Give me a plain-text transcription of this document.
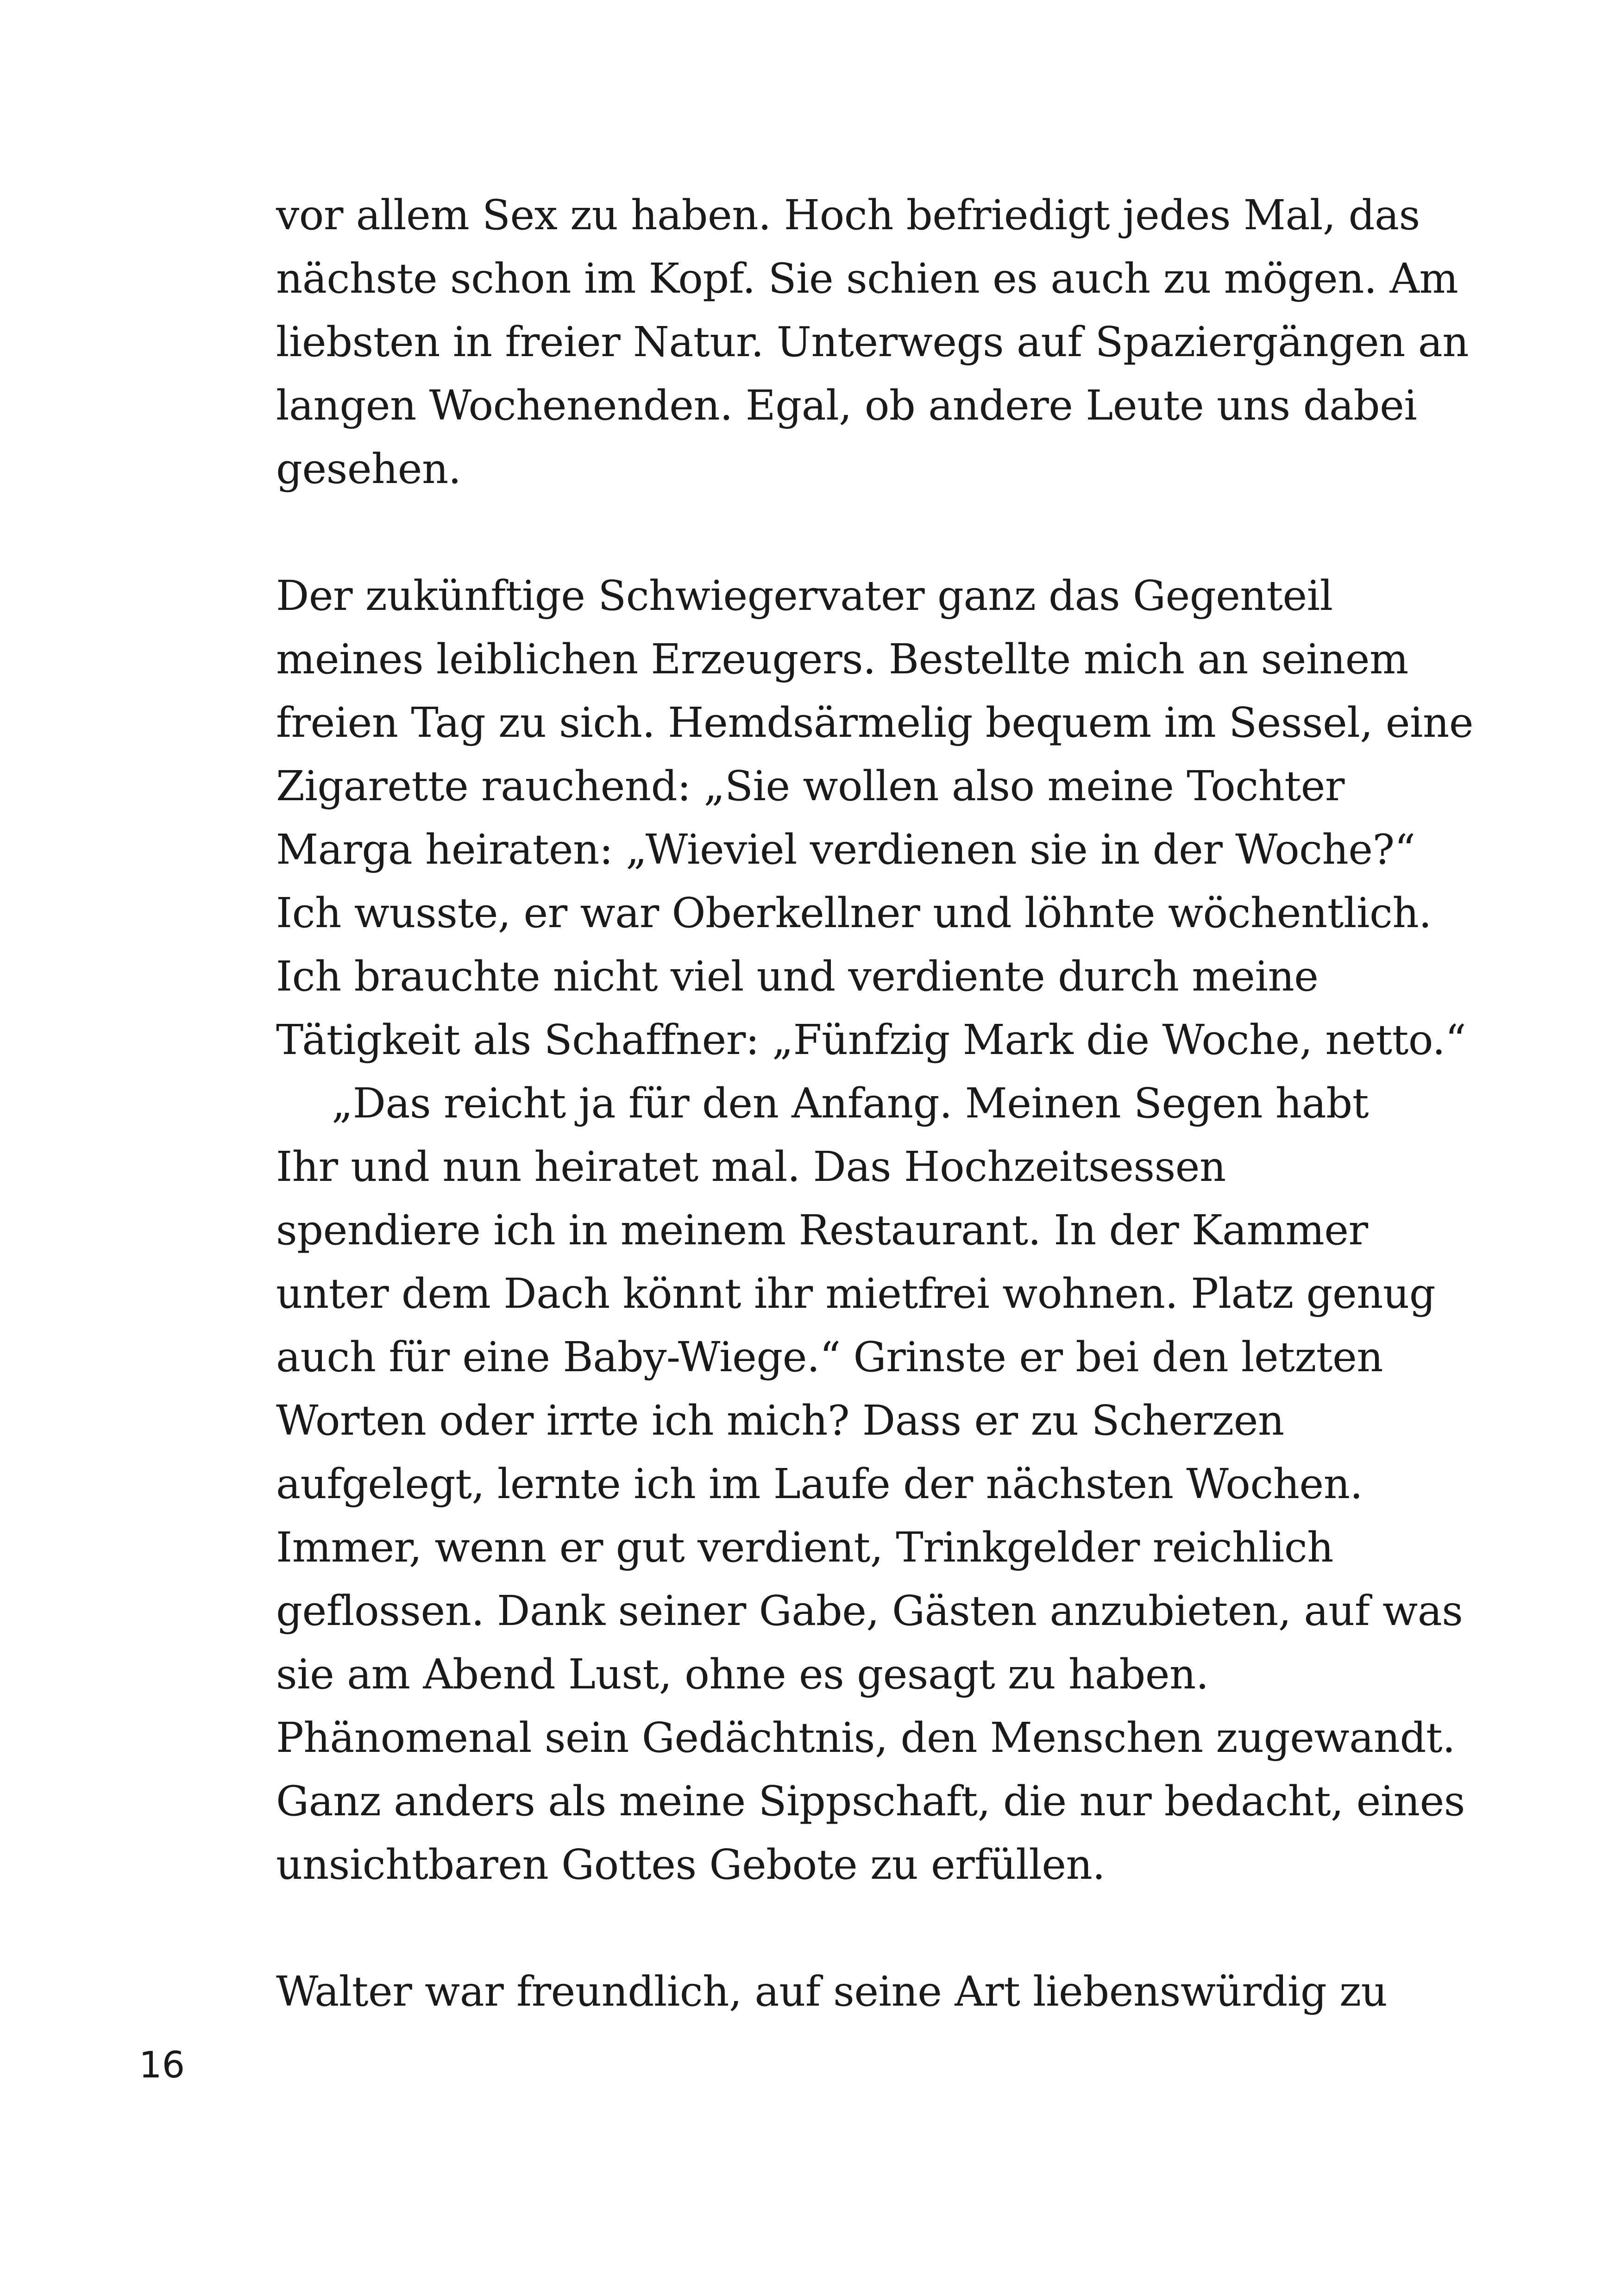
vor allem Sex zu haben. Hoch befriedigt jedes Mal, das
nächste schon im Kopf. Sie schien es auch zu mögen. Am
liebsten in freier Natur. Unterwegs auf Spaziergängen an
langen Wochenenden. Egal, ob andere Leute uns dabei
gesehen.
Der zukünftige Schwiegervater ganz das Gegenteil
meines leiblichen Erzeugers. Bestellte mich an seinem
freien Tag zu sich. Hemdsärmelig bequem im Sessel, eine
Zigarette rauchend: „Sie wollen also meine Tochter
Marga heiraten: „Wieviel verdienen sie in der Woche?“
Ich wusste, er war Oberkellner und löhnte wöchentlich.
Ich brauchte nicht viel und verdiente durch meine
Tätigkeit als Schaffner: „Fünfzig Mark die Woche, netto.“
„Das reicht ja für den Anfang. Meinen Segen habt
Ihr und nun heiratet mal. Das Hochzeitsessen
spendiere ich in meinem Restaurant. In der Kammer
unter dem Dach könnt ihr mietfrei wohnen. Platz genug
auch für eine Baby-Wiege.“ Grinste er bei den letzten
Worten oder irrte ich mich? Dass er zu Scherzen
aufgelegt, lernte ich im Laufe der nächsten Wochen.
Immer, wenn er gut verdient, Trinkgelder reichlich
geflossen. Dank seiner Gabe, Gästen anzubieten, auf was
sie am Abend Lust, ohne es gesagt zu haben.
Phänomenal sein Gedächtnis, den Menschen zugewandt.
Ganz anders als meine Sippschaft, die nur bedacht, eines
unsichtbaren Gottes Gebote zu erfüllen.
Walter war freundlich, auf seine Art liebenswürdig zu
16
